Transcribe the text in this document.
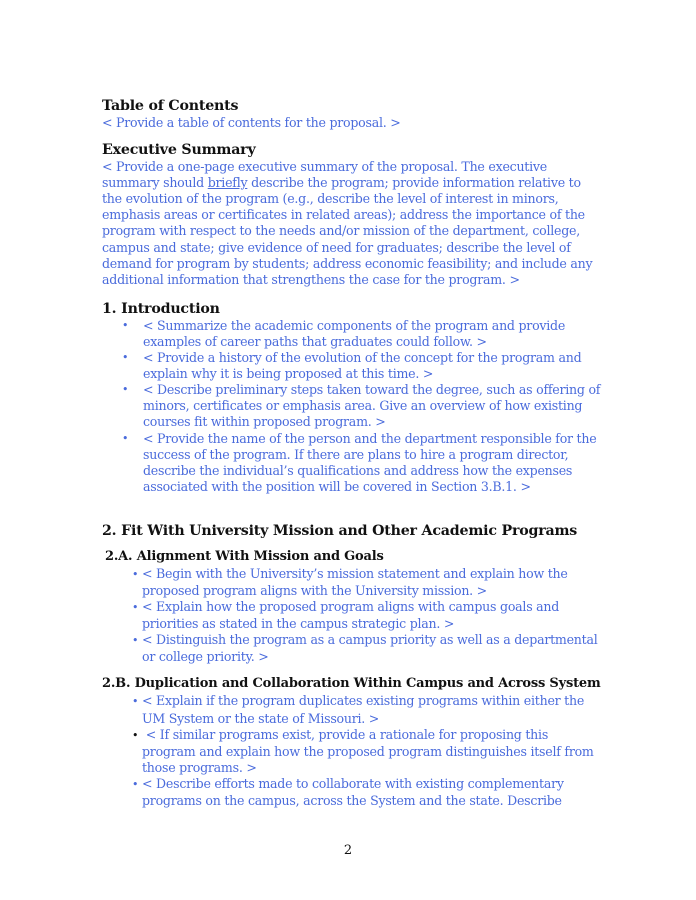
Table of Contents

< Provide a table of contents for the proposal. >

Executive Summary

< Provide a one-page executive summary of the proposal. The executive summary should briefly describe the program; provide information relative to the evolution of the program (e.g., describe the level of interest in minors, emphasis areas or certificates in related areas); address the importance of the program with respect to the needs and/or mission of the department, college, campus and state; give evidence of need for graduates; describe the level of demand for program by students; address economic feasibility; and include any additional information that strengthens the case for the program. >

1. Introduction
• < Summarize the academic components of the program and provide examples of career paths that graduates could follow. >
• < Provide a history of the evolution of the concept for the program and explain why it is being proposed at this time. >
• < Describe preliminary steps taken toward the degree, such as offering of minors, certificates or emphasis area. Give an overview of how existing courses fit within proposed program. >
• < Provide the name of the person and the department responsible for the success of the program. If there are plans to hire a program director, describe the individual’s qualifications and address how the expenses associated with the position will be covered in Section 3.B.1. >
2. Fit With University Mission and Other Academic Programs
2.A. Alignment With Mission and Goals
• < Begin with the University’s mission statement and explain how the proposed program aligns with the University mission. >
• < Explain how the proposed program aligns with campus goals and priorities as stated in the campus strategic plan. >
• < Distinguish the program as a campus priority as well as a departmental or college priority. >
2.B. Duplication and Collaboration Within Campus and Across System
• < Explain if the program duplicates existing programs within either the UM System or the state of Missouri. >
• < If similar programs exist, provide a rationale for proposing this program and explain how the proposed program distinguishes itself from those programs. >
• < Describe efforts made to collaborate with existing complementary programs on the campus, across the System and the state. Describe
2
